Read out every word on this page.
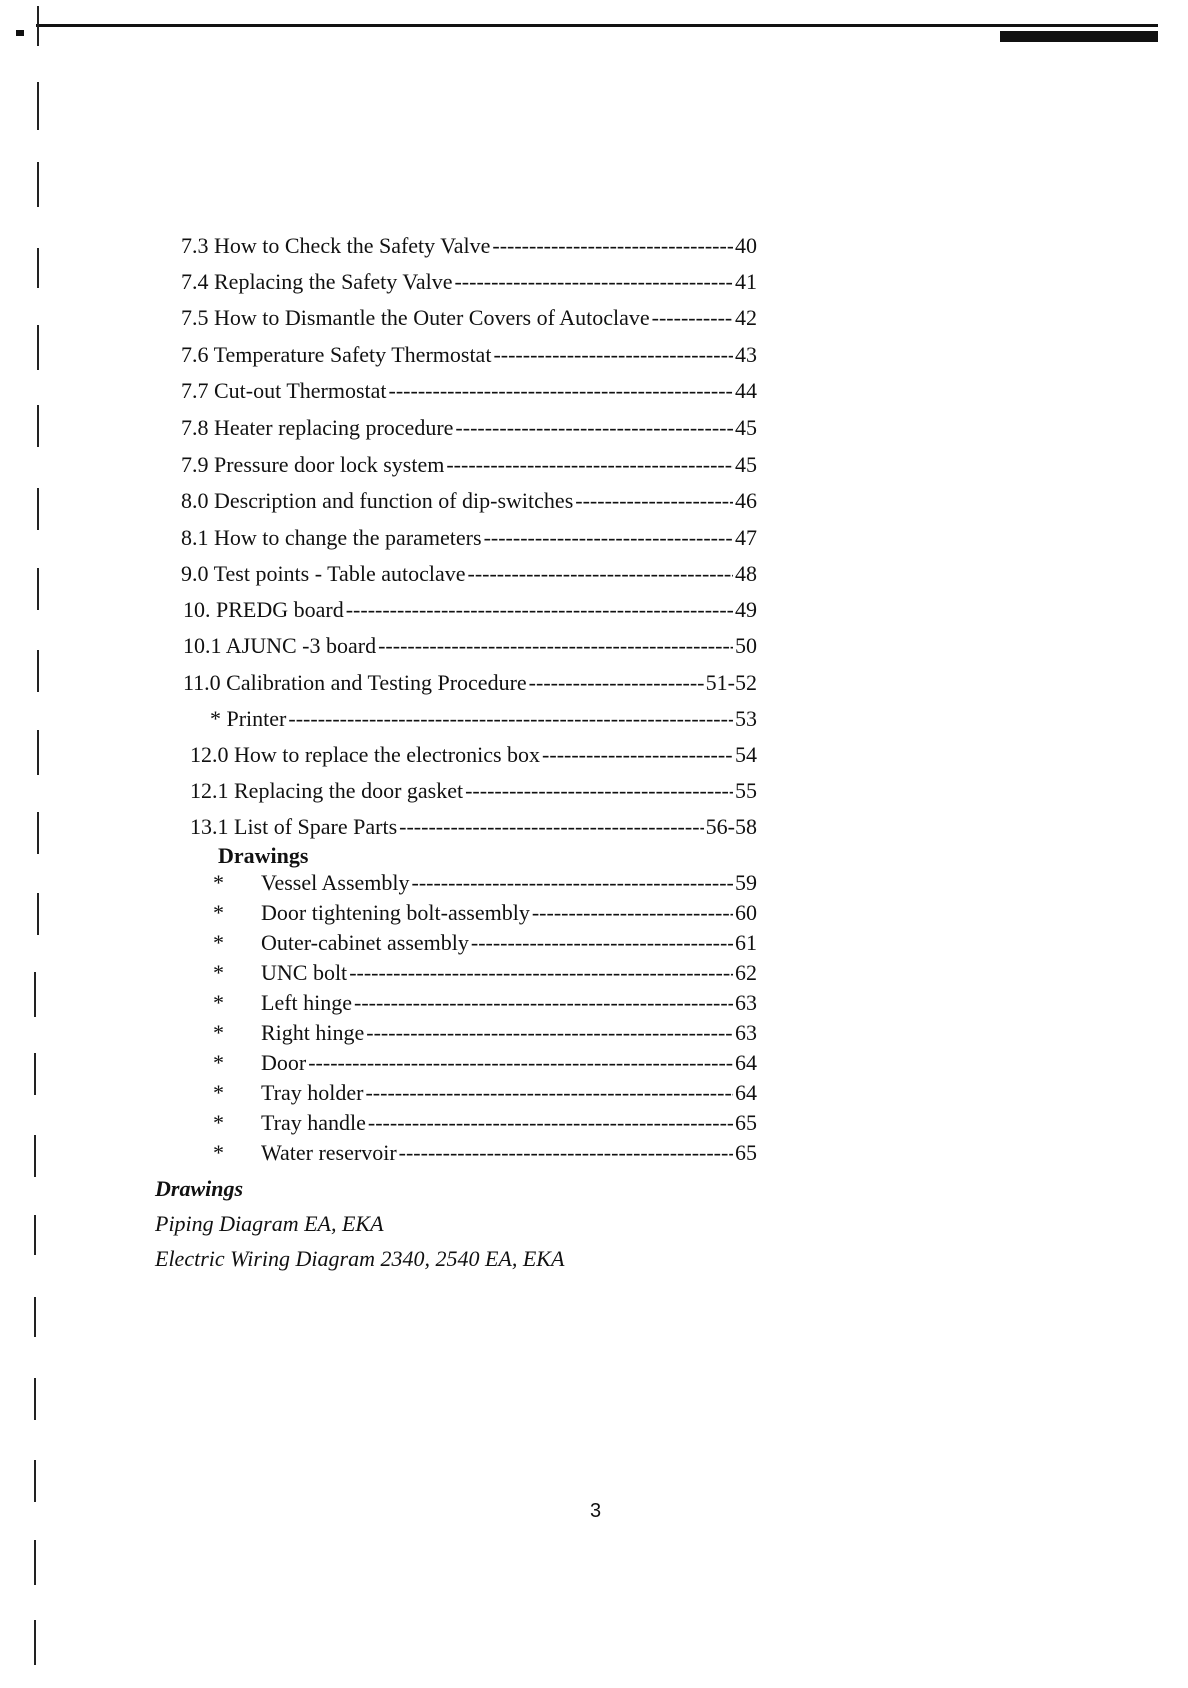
7.3 How to Check the Safety Valve -----	40
7.4 Replacing the Safety Valve -----	41
7.5 How to Dismantle the Outer Covers of Autoclave -----	42
7.6 Temperature Safety Thermostat -----	43
7.7 Cut-out Thermostat -----	44
7.8 Heater replacing procedure -----	45
7.9 Pressure door lock system -----	45
8.0 Description and function of dip-switches -----	46
8.1 How to change the parameters -----	47
9.0 Test points - Table autoclave -----	48
10. PREDG board -----	49
10.1 AJUNC -3 board -----	50
11.0 Calibration and Testing Procedure -----	51-52
* Printer -----	53
12.0 How to replace the electronics box -----	54
12.1 Replacing the door gasket -----	55
13.1 List of Spare Parts -----	56-58
Drawings
* Vessel Assembly -----	59
* Door tightening bolt-assembly -----	60
* Outer-cabinet assembly -----	61
* UNC bolt -----	62
* Left hinge -----	63
* Right hinge -----	63
* Door -----	64
* Tray holder -----	64
* Tray handle -----	65
* Water reservoir -----	65
Drawings
Piping Diagram EA, EKA
Electric Wiring Diagram 2340, 2540 EA, EKA
3
